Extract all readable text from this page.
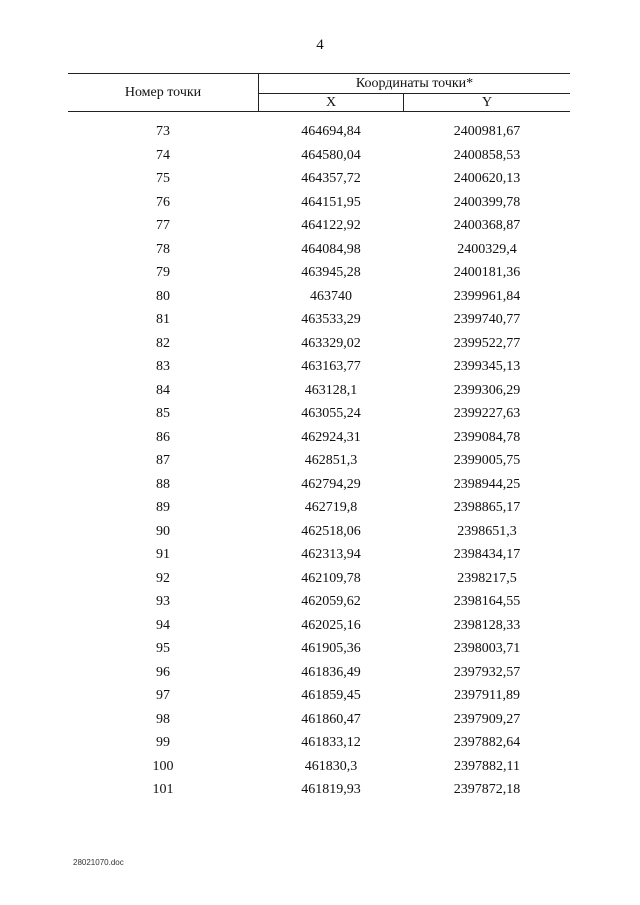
4
Номер точки
Координаты точки*
X	Y
73	464694,84	2400981,67
74	464580,04	2400858,53
75	464357,72	2400620,13
76	464151,95	2400399,78
77	464122,92	2400368,87
78	464084,98	2400329,4
79	463945,28	2400181,36
80	463740	2399961,84
81	463533,29	2399740,77
82	463329,02	2399522,77
83	463163,77	2399345,13
84	463128,1	2399306,29
85	463055,24	2399227,63
86	462924,31	2399084,78
87	462851,3	2399005,75
88	462794,29	2398944,25
89	462719,8	2398865,17
90	462518,06	2398651,3
91	462313,94	2398434,17
92	462109,78	2398217,5
93	462059,62	2398164,55
94	462025,16	2398128,33
95	461905,36	2398003,71
96	461836,49	2397932,57
97	461859,45	2397911,89
98	461860,47	2397909,27
99	461833,12	2397882,64
100	461830,3	2397882,11
101	461819,93	2397872,18
28021070.doc
